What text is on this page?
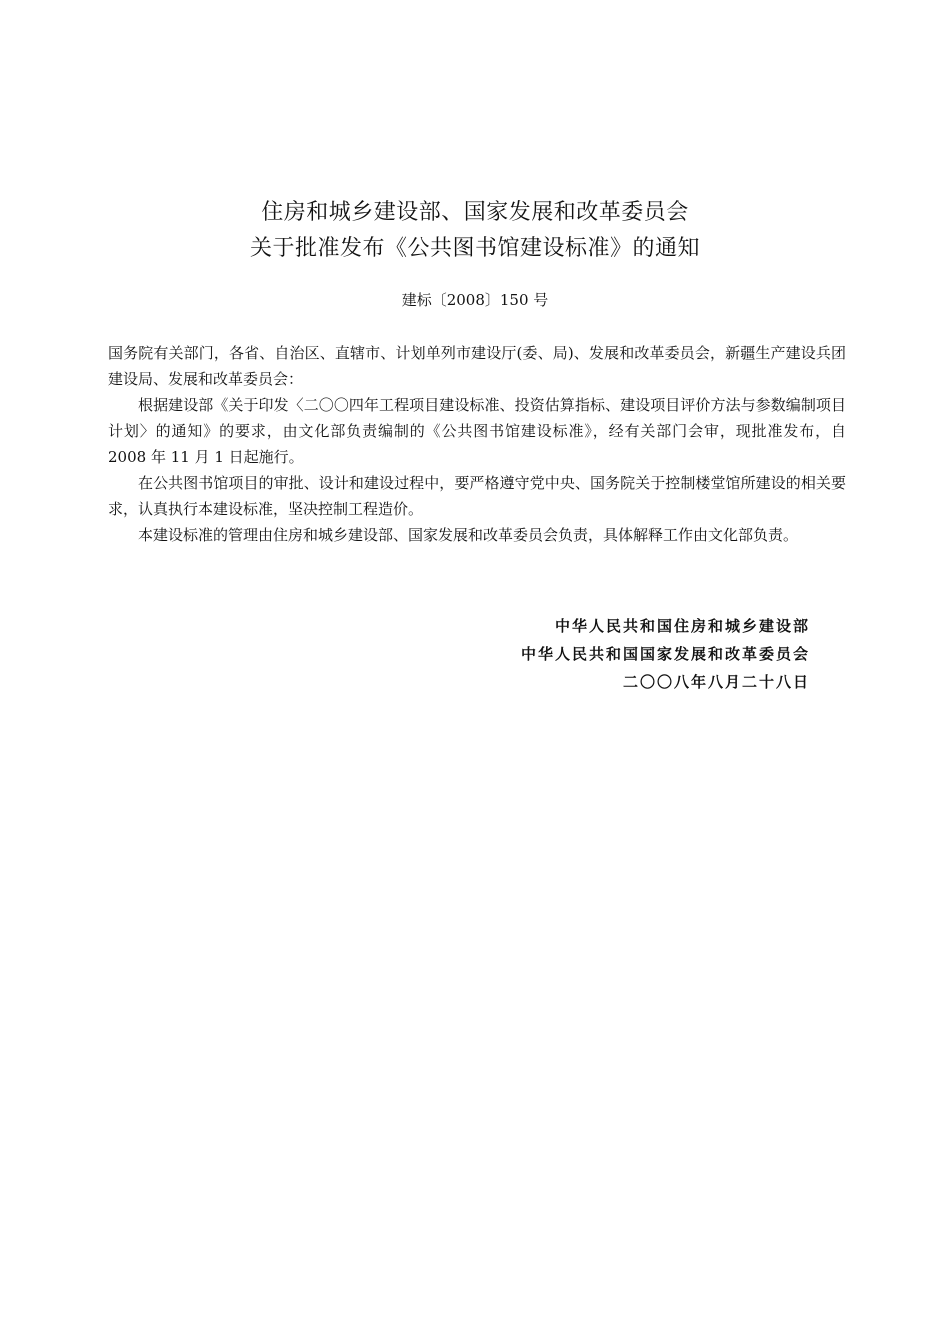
住房和城乡建设部、国家发展和改革委员会
关于批准发布《公共图书馆建设标准》的通知
建标〔2008〕150 号

国务院有关部门，各省、自治区、直辖市、计划单列市建设厅(委、局)、发展和改革委员会，新疆生产建设兵团建设局、发展和改革委员会：

根据建设部《关于印发〈二〇〇四年工程项目建设标准、投资估算指标、建设项目评价方法与参数编制项目计划〉的通知》的要求，由文化部负责编制的《公共图书馆建设标准》，经有关部门会审，现批准发布，自 2008 年 11 月 1 日起施行。

在公共图书馆项目的审批、设计和建设过程中，要严格遵守党中央、国务院关于控制楼堂馆所建设的相关要求，认真执行本建设标准，坚决控制工程造价。

本建设标准的管理由住房和城乡建设部、国家发展和改革委员会负责，具体解释工作由文化部负责。

中华人民共和国住房和城乡建设部
中华人民共和国国家发展和改革委员会
二〇〇八年八月二十八日
